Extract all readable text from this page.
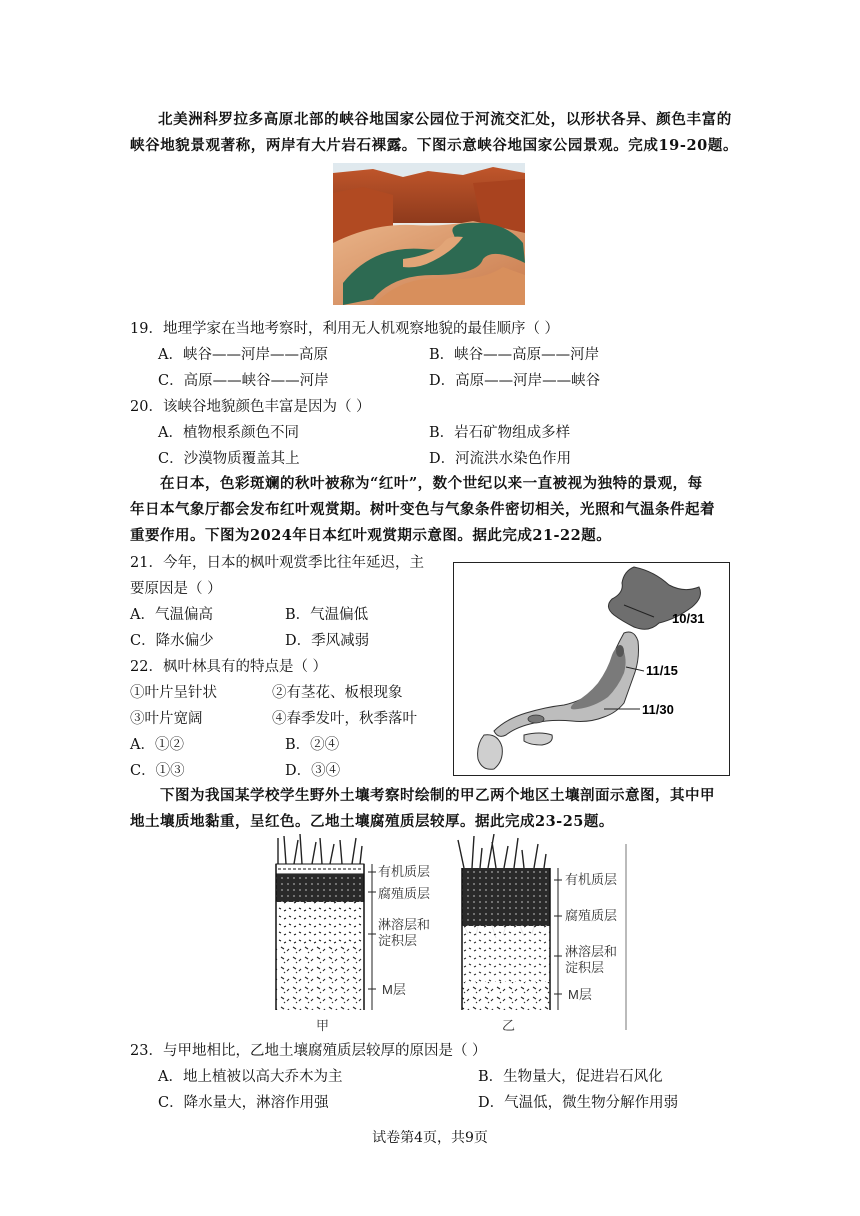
北美洲科罗拉多高原北部的峡谷地国家公园位于河流交汇处，以形状各异、颜色丰富的
峡谷地貌景观著称，两岸有大片岩石裸露。下图示意峡谷地国家公园景观。完成19-20题。
19．地理学家在当地考察时，利用无人机观察地貌的最佳顺序（ ）
A．峡谷——河岸——高原	B．峡谷——高原——河岸
C．高原——峡谷——河岸	D．高原——河岸——峡谷
20．该峡谷地貌颜色丰富是因为（ ）
A．植物根系颜色不同	B．岩石矿物组成多样
C．沙漠物质覆盖其上	D．河流洪水染色作用
在日本，色彩斑斓的秋叶被称为“红叶”，数个世纪以来一直被视为独特的景观，每
年日本气象厅都会发布红叶观赏期。树叶变色与气象条件密切相关，光照和气温条件起着
重要作用。下图为2024年日本红叶观赏期示意图。据此完成21-22题。
21．今年，日本的枫叶观赏季比往年延迟，主
要原因是（ ）
A．气温偏高	B．气温偏低
C．降水偏少	D．季风减弱
22．枫叶林具有的特点是（ ）
①叶片呈针状	②有茎花、板根现象
③叶片宽阔	④春季发叶，秋季落叶
A．①②	B．②④
C．①③	D．③④
10/31
11/15
11/30
下图为我国某学校学生野外土壤考察时绘制的甲乙两个地区土壤剖面示意图，其中甲
地土壤质地黏重，呈红色。乙地土壤腐殖质层较厚。据此完成23-25题。
有机质层
腐殖质层
淋溶层和
淀积层
M层
甲
有机质层
腐殖质层
淋溶层和
淀积层
M层
乙
23．与甲地相比，乙地土壤腐殖质层较厚的原因是（ ）
A．地上植被以高大乔木为主	B．生物量大，促进岩石风化
C．降水量大，淋溶作用强	D．气温低，微生物分解作用弱
试卷第4页，共9页
